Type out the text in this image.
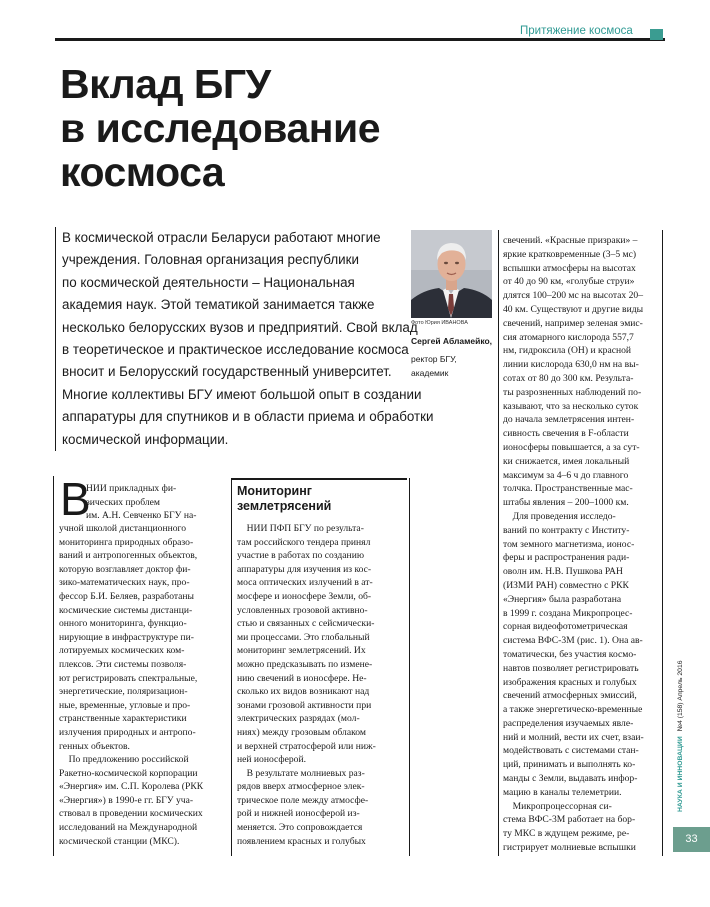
Притяжение космоса
Вклад БГУ
в исследование
космоса
В космической отрасли Беларуси работают многие
учреждения. Головная организация республики
по космической деятельности – Национальная
академия наук. Этой тематикой занимается также
несколько белорусских вузов и предприятий. Свой вклад
в теоретическое и практическое исследование космоса
вносит и Белорусский государственный университет.
Многие коллективы БГУ имеют большой опыт в создании
аппаратуры для спутников и в области приема и обработки
космической информации.
Фото Юрия ИВАНОВА
Сергей Абламейко,
ректор БГУ,
академик
В
НИИ прикладных фи-
зических проблем
им. А.Н. Севченко БГУ на-
учной школой дистанционного
мониторинга природных образо-
ваний и антропогенных объектов,
которую возглавляет доктор фи-
зико-математических наук, про-
фессор Б.И. Беляев, разработаны
космические системы дистанци-
онного мониторинга, функцио-
нирующие в инфраструктуре пи-
лотируемых космических ком-
плексов. Эти системы позволя-
ют регистрировать спектральные,
энергетические, поляризацион-
ные, временные, угловые и про-
странственные характеристики
излучения природных и антропо-
генных объектов.
По предложению российской
Ракетно-космической корпорации
«Энергия» им. С.П. Королева (РКК
«Энергия») в 1990-е гг. БГУ уча-
ствовал в проведении космических
исследований на Международной
космической станции (МКС).
Мониторинг
землетрясений
НИИ ПФП БГУ по результа-
там российского тендера принял
участие в работах по созданию
аппаратуры для изучения из кос-
моса оптических излучений в ат-
мосфере и ионосфере Земли, об-
условленных грозовой активно-
стью и связанных с сейсмически-
ми процессами. Это глобальный
мониторинг землетрясений. Их
можно предсказывать по измене-
нию свечений в ионосфере. Не-
сколько их видов возникают над
зонами грозовой активности при
электрических разрядах (мол-
ниях) между грозовым облаком
и верхней стратосферой или ниж-
ней ионосферой.
В результате молниевых раз-
рядов вверх атмосферное элек-
трическое поле между атмосфе-
рой и нижней ионосферой из-
меняется. Это сопровождается
появлением красных и голубых
свечений. «Красные призраки» –
яркие кратковременные (3–5 мс)
вспышки атмосферы на высотах
от 40 до 90 км, «голубые струи»
длятся 100–200 мс на высотах 20–
40 км. Существуют и другие виды
свечений, например зеленая эмис-
сия атомарного кислорода 557,7
нм, гидроксила (ОН) и красной
линии кислорода 630,0 нм на вы-
сотах от 80 до 300 км. Результа-
ты разрозненных наблюдений по-
казывают, что за несколько суток
до начала землетрясения интен-
сивность свечения в F-области
ионосферы повышается, а за сут-
ки снижается, имея локальный
максимум за 4–6 ч до главного
толчка. Пространственные мас-
штабы явления – 200–1000 км.
Для проведения исследо-
ваний по контракту с Институ-
том земного магнетизма, ионос-
феры и распространения ради-
оволн им. Н.В. Пушкова РАН
(ИЗМИ РАН) совместно с РКК
«Энергия» была разработана
в 1999 г. создана Микропроцес-
сорная видеофотометрическая
система ВФС-3М (рис. 1). Она ав-
томатически, без участия космо-
навтов позволяет регистрировать
изображения красных и голубых
свечений атмосферных эмиссий,
а также энергетическо-временные
распределения изучаемых явле-
ний и молний, вести их счет, взаи-
модействовать с системами стан-
ций, принимать и выполнять ко-
манды с Земли, выдавать инфор-
мацию в каналы телеметрии.
Микропроцессорная си-
стема ВФС-3М работает на бор-
ту МКС в ждущем режиме, ре-
гистрирует молниевые вспышки
НАУКА И ИННОВАЦИИ№4 (158) Апрель 2016
33
